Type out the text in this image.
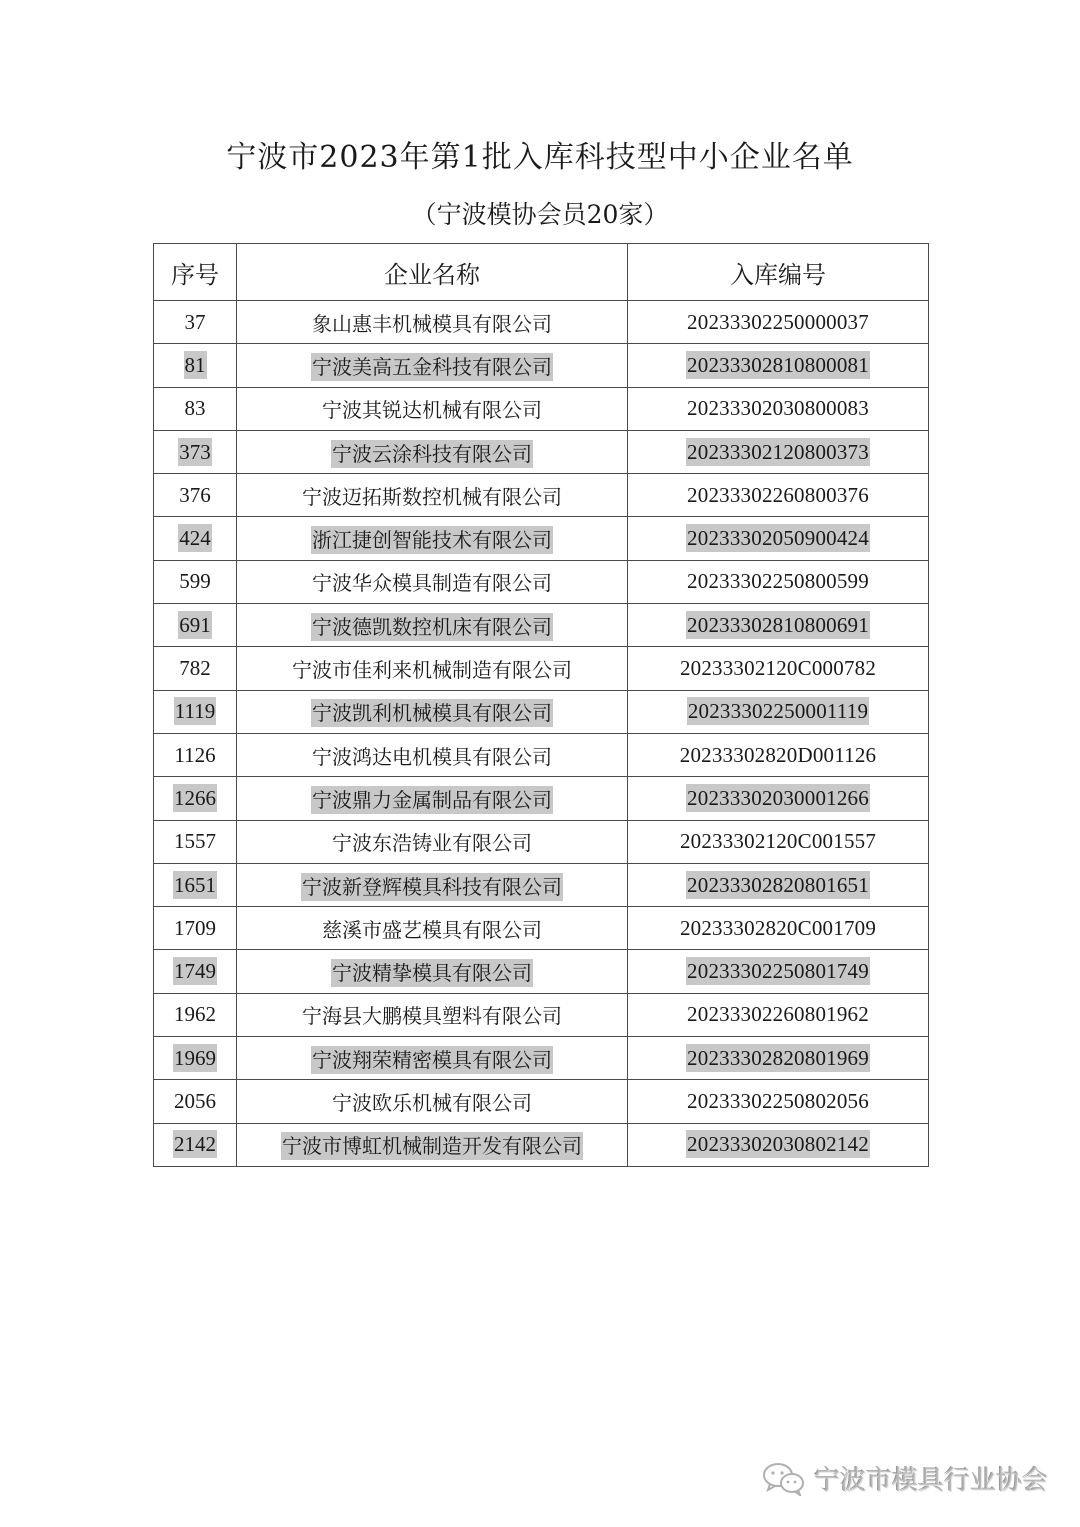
宁波市2023年第1批入库科技型中小企业名单
（宁波模协会员20家）
序号	企业名称	入库编号
37	象山惠丰机械模具有限公司	20233302250000037
81	宁波美高五金科技有限公司	20233302810800081
83	宁波其锐达机械有限公司	20233302030800083
373	宁波云涂科技有限公司	20233302120800373
376	宁波迈拓斯数控机械有限公司	20233302260800376
424	浙江捷创智能技术有限公司	20233302050900424
599	宁波华众模具制造有限公司	20233302250800599
691	宁波德凯数控机床有限公司	20233302810800691
782	宁波市佳利来机械制造有限公司	20233302120C000782
1119	宁波凯利机械模具有限公司	20233302250001119
1126	宁波鸿达电机模具有限公司	20233302820D001126
1266	宁波鼎力金属制品有限公司	20233302030001266
1557	宁波东浩铸业有限公司	20233302120C001557
1651	宁波新登辉模具科技有限公司	20233302820801651
1709	慈溪市盛艺模具有限公司	20233302820C001709
1749	宁波精挚模具有限公司	20233302250801749
1962	宁海县大鹏模具塑料有限公司	20233302260801962
1969	宁波翔荣精密模具有限公司	20233302820801969
2056	宁波欧乐机械有限公司	20233302250802056
2142	宁波市博虹机械制造开发有限公司	20233302030802142
宁波市模具行业协会
